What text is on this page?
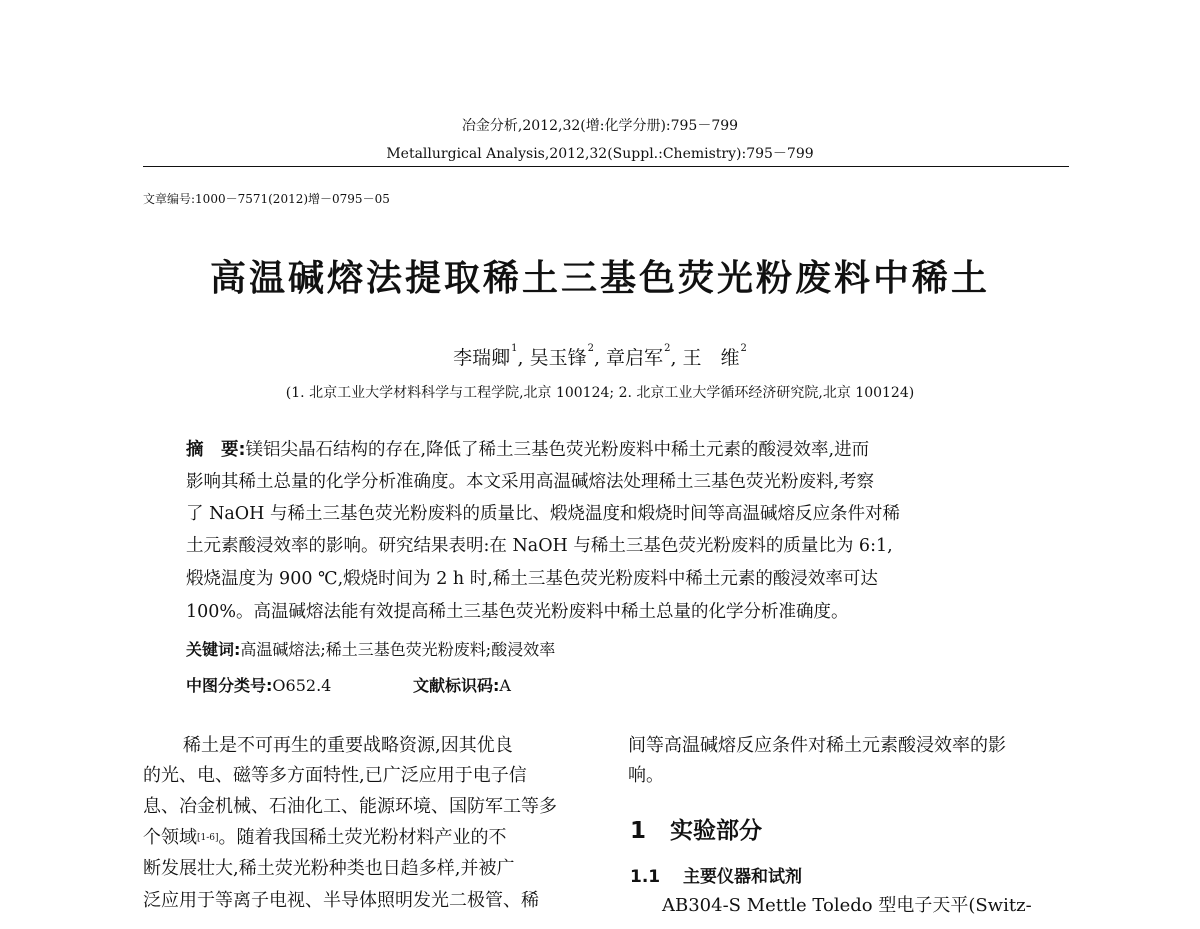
冶金分析,2012,32(增:化学分册):795－799
Metallurgical Analysis,2012,32(Suppl.:Chemistry):795－799
文章编号:1000－7571(2012)增－0795－05
高温碱熔法提取稀土三基色荧光粉废料中稀土
李瑞卿$^1$, 吴玉锋$^2$, 章启军$^2$, 王　维$^2$
(1. 北京工业大学材料科学与工程学院,北京 100124; 2. 北京工业大学循环经济研究院,北京 100124)
摘　要:镁铝尖晶石结构的存在,降低了稀土三基色荧光粉废料中稀土元素的酸浸效率,进而
影响其稀土总量的化学分析准确度。本文采用高温碱熔法处理稀土三基色荧光粉废料,考察
了 NaOH 与稀土三基色荧光粉废料的质量比、煅烧温度和煅烧时间等高温碱熔反应条件对稀
土元素酸浸效率的影响。研究结果表明:在 NaOH 与稀土三基色荧光粉废料的质量比为 6:1,
煅烧温度为 900 ℃,煅烧时间为 2 h 时,稀土三基色荧光粉废料中稀土元素的酸浸效率可达
100%。高温碱熔法能有效提高稀土三基色荧光粉废料中稀土总量的化学分析准确度。
关键词:高温碱熔法;稀土三基色荧光粉废料;酸浸效率
中图分类号:O652.4	文献标识码:A
稀土是不可再生的重要战略资源,因其优良
的光、电、磁等多方面特性,已广泛应用于电子信
息、冶金机械、石油化工、能源环境、国防军工等多
个领域[1-6]。随着我国稀土荧光粉材料产业的不
断发展壮大,稀土荧光粉种类也日趋多样,并被广
泛应用于等离子电视、半导体照明发光二极管、稀
间等高温碱熔反应条件对稀土元素酸浸效率的影
响。
1 实验部分
1.1 主要仪器和试剂
AB304-S Mettle Toledo 型电子天平(Switz-
